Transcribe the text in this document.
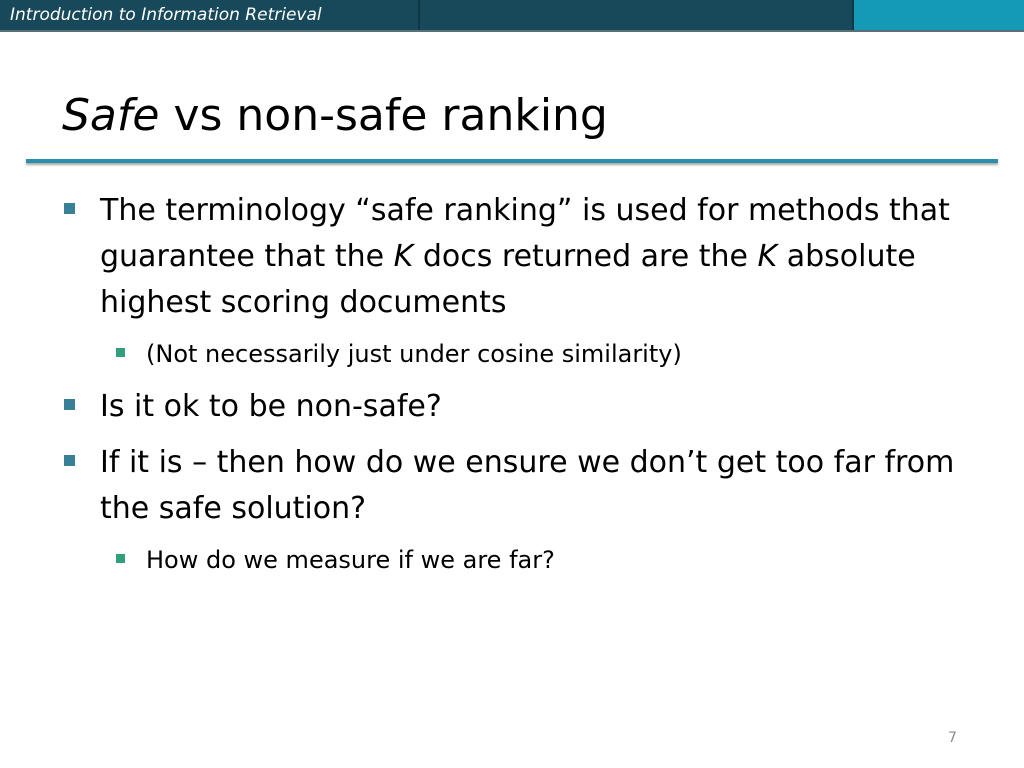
Introduction to Information Retrieval
Safe vs non-safe ranking
The terminology “safe ranking” is used for methods that guarantee that the K docs returned are the K absolute highest scoring documents
(Not necessarily just under cosine similarity)
Is it ok to be non-safe?
If it is – then how do we ensure we don’t get too far from the safe solution?
How do we measure if we are far?
7
